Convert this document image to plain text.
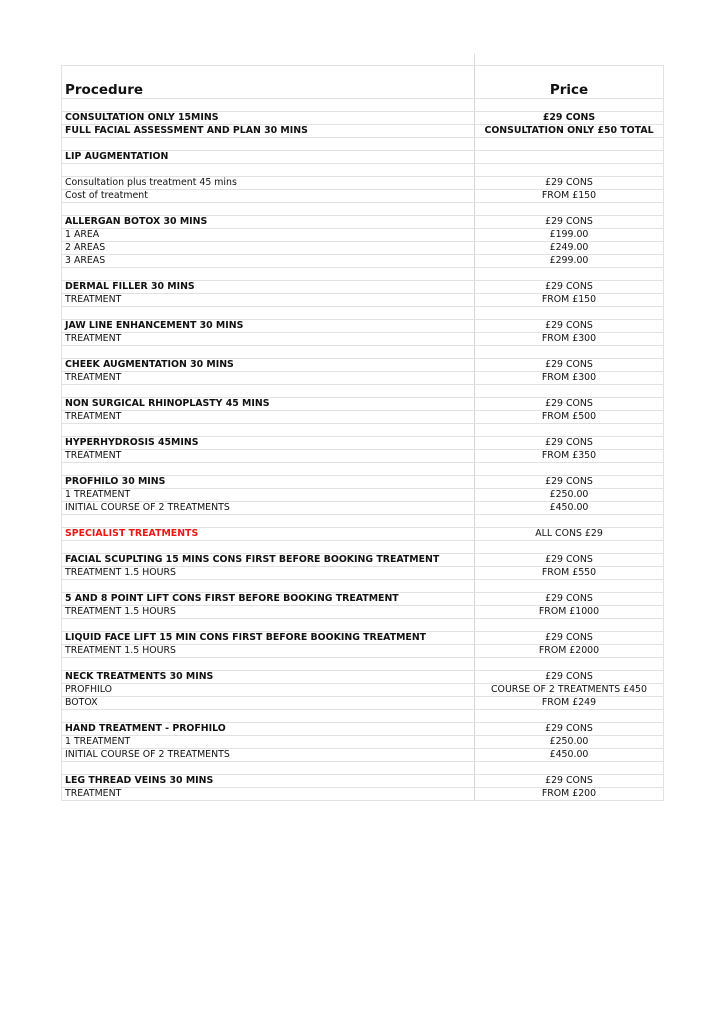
Procedure	Price

CONSULTATION ONLY 15MINS	£29 CONS
FULL FACIAL ASSESSMENT AND PLAN 30 MINS	CONSULTATION ONLY £50 TOTAL

LIP AUGMENTATION	

Consultation plus treatment 45 mins	£29 CONS
Cost of treatment	FROM £150

ALLERGAN BOTOX 30 MINS	£29 CONS
1 AREA	£199.00
2 AREAS	£249.00
3 AREAS	£299.00

DERMAL FILLER 30 MINS	£29 CONS
TREATMENT	FROM £150

JAW LINE ENHANCEMENT 30 MINS	£29 CONS
TREATMENT	FROM £300

CHEEK AUGMENTATION 30 MINS	£29 CONS
TREATMENT	FROM £300

NON SURGICAL RHINOPLASTY 45 MINS	£29 CONS
TREATMENT	FROM £500

HYPERHYDROSIS 45MINS	£29 CONS
TREATMENT	FROM £350

PROFHILO 30 MINS	£29 CONS
1 TREATMENT	£250.00
INITIAL COURSE OF 2 TREATMENTS	£450.00

SPECIALIST TREATMENTS	ALL CONS £29

FACIAL SCUPLTING 15 MINS CONS FIRST BEFORE BOOKING TREATMENT	£29 CONS
TREATMENT 1.5 HOURS	FROM £550

5 AND 8 POINT LIFT CONS FIRST BEFORE BOOKING TREATMENT	£29 CONS
TREATMENT 1.5 HOURS	FROM £1000

LIQUID FACE LIFT 15 MIN CONS FIRST BEFORE BOOKING TREATMENT	£29 CONS
TREATMENT 1.5 HOURS	FROM £2000

NECK TREATMENTS 30 MINS	£29 CONS
PROFHILO	COURSE OF 2 TREATMENTS £450
BOTOX	FROM £249

HAND TREATMENT - PROFHILO	£29 CONS
1 TREATMENT	£250.00
INITIAL COURSE OF 2 TREATMENTS	£450.00

LEG THREAD VEINS 30 MINS	£29 CONS
TREATMENT	FROM £200
